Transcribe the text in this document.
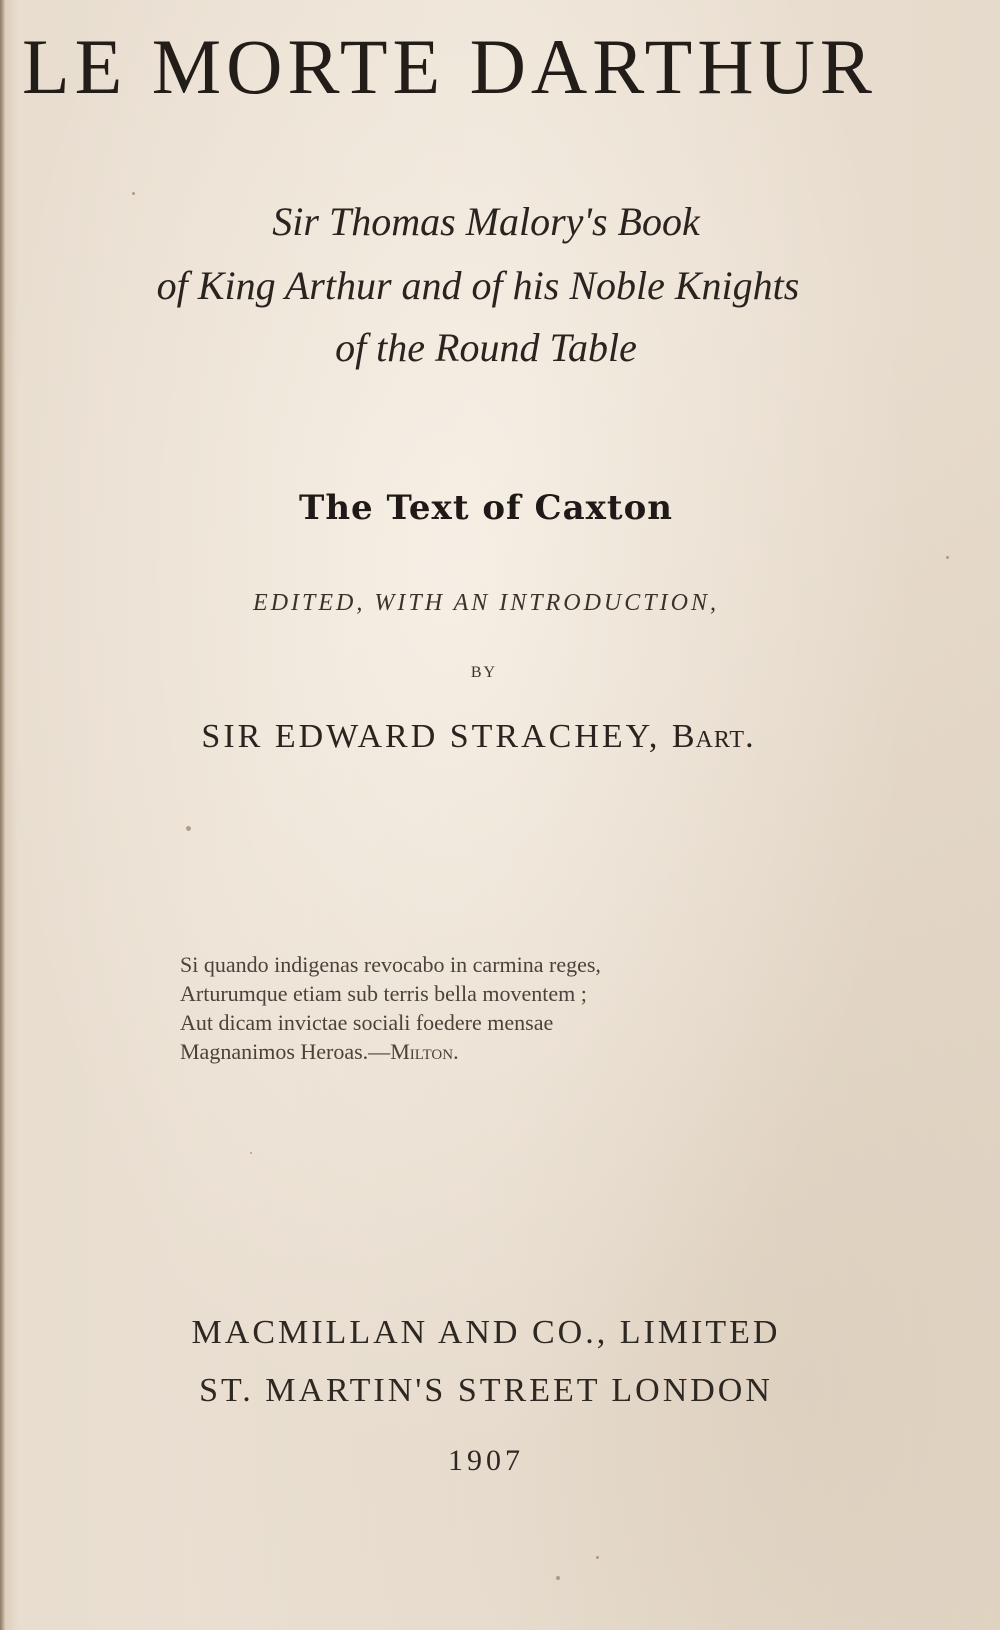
LE MORTE DARTHUR
Sir Thomas Malory's Book
of King Arthur and of his Noble Knights
of the Round Table
The Text of Caxton
EDITED, WITH AN INTRODUCTION,
BY
SIR EDWARD STRACHEY, Bart.
Si quando indigenas revocabo in carmina reges,
Arturumque etiam sub terris bella moventem ;
Aut dicam invictae sociali foedere mensae
Magnanimos Heroas.—Milton.
MACMILLAN AND CO., LIMITED
ST. MARTIN'S STREET LONDON
1907
